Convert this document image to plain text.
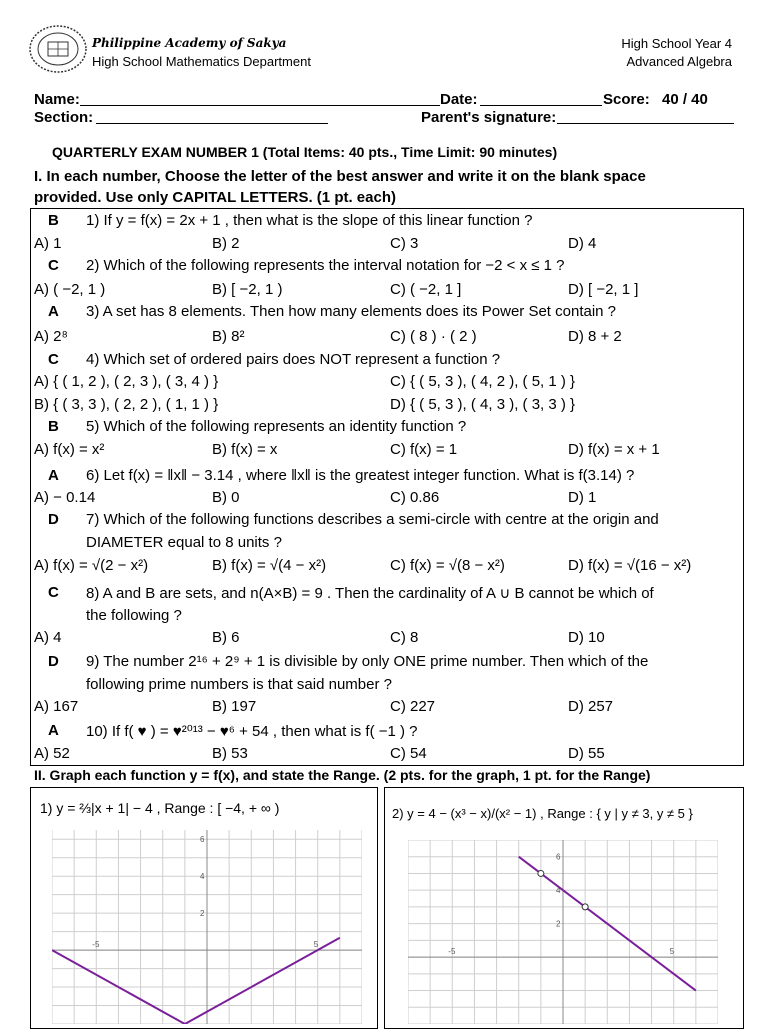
Philippine Academy of Sakya
High School Mathematics Department
High School Year 4
Advanced Algebra
Name:	Date:	Score: 40 / 40
Section:	Parent's signature:
QUARTERLY EXAM NUMBER 1 (Total Items: 40 pts., Time Limit: 90 minutes)
I. In each number, Choose the letter of the best answer and write it on the blank space
provided. Use only CAPITAL LETTERS. (1 pt. each)
B 1) If y = f(x) = 2x + 1 , then what is the slope of this linear function ?
A) 1	B) 2	C) 3	D) 4
C 2) Which of the following represents the interval notation for −2 < x ≤ 1 ?
A) ( −2, 1 )	B) [ −2, 1 )	C) ( −2, 1 ]	D) [ −2, 1 ]
A 3) A set has 8 elements. Then how many elements does its Power Set contain ?
A) 2⁸	B) 8²	C) ( 8 ) · ( 2 )	D) 8 + 2
C 4) Which set of ordered pairs does NOT represent a function ?
A) { ( 1, 2 ), ( 2, 3 ), ( 3, 4 ) }	C) { ( 5, 3 ), ( 4, 2 ), ( 5, 1 ) }
B) { ( 3, 3 ), ( 2, 2 ), ( 1, 1 ) }	D) { ( 5, 3 ), ( 4, 3 ), ( 3, 3 ) }
B 5) Which of the following represents an identity function ?
A) f(x) = x²	B) f(x) = x	C) f(x) = 1	D) f(x) = x + 1
A 6) Let f(x) = ‖x‖ − 3.14 , where ‖x‖ is the greatest integer function. What is f(3.14) ?
A) − 0.14	B) 0	C) 0.86	D) 1
D 7) Which of the following functions describes a semi-circle with centre at the origin and
DIAMETER equal to 8 units ?
A) f(x) = √(2 − x²)	B) f(x) = √(4 − x²)	C) f(x) = √(8 − x²)	D) f(x) = √(16 − x²)
C 8) A and B are sets, and n(A×B) = 9 . Then the cardinality of A ∪ B cannot be which of
the following ?
A) 4	B) 6	C) 8	D) 10
D 9) The number 2¹⁶ + 2⁹ + 1 is divisible by only ONE prime number. Then which of the
following prime numbers is that said number ?
A) 167	B) 197	C) 227	D) 257
A 10) If f( ♥ ) = ♥²⁰¹³ − ♥⁶ + 54 , then what is f( −1 ) ?
A) 52	B) 53	C) 54	D) 55
II. Graph each function y = f(x), and state the Range. (2 pts. for the graph, 1 pt. for the Range)
1) y = ⅔|x + 1| − 4 , Range : [ −4, + ∞ )	2) y = 4 − (x³ − x)/(x² − 1) , Range : { y | y ≠ 3, y ≠ 5 }
-5	5
2
4
6
-5	5
2
4
6
